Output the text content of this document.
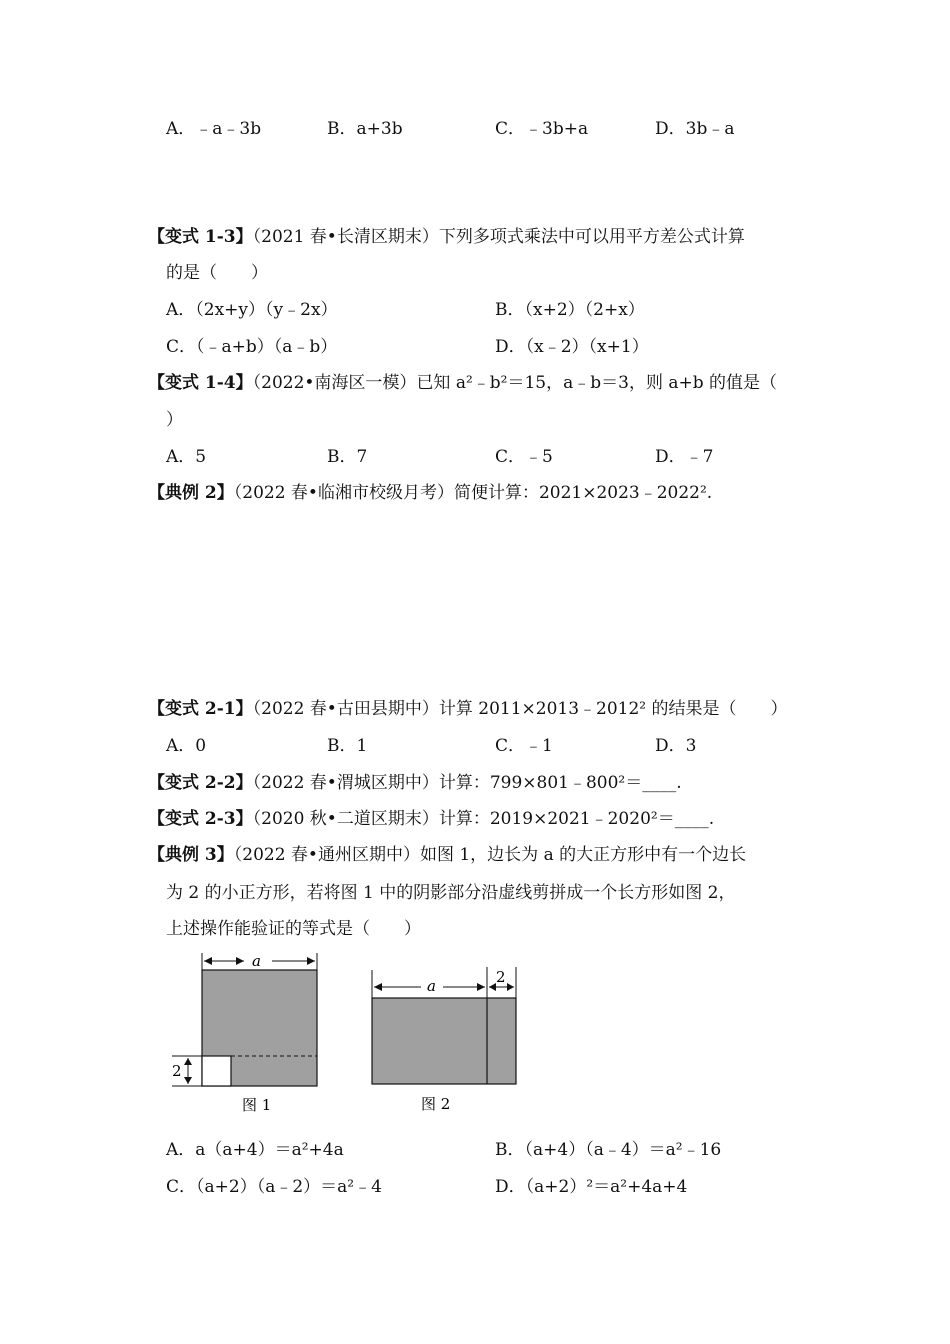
A．﹣a﹣3b	B．a+3b	C．﹣3b+a	D．3b﹣a
【变式 1-3】（2021 春•长清区期末）下列多项式乘法中可以用平方差公式计算
的是（　　）
A．（2x+y）（y﹣2x）	B．（x+2）（2+x）
C．（﹣a+b）（a﹣b）	D．（x﹣2）（x+1）
【变式 1-4】（2022•南海区一模）已知 a²﹣b²＝15，a﹣b＝3，则 a+b 的值是（
）
A．5	B．7	C．﹣5	D．﹣7
【典例 2】（2022 春•临湘市校级月考）简便计算：2021×2023﹣2022².
【变式 2-1】（2022 春•古田县期中）计算 2011×2013﹣2012² 的结果是（　　）
A．0	B．1	C．﹣1	D．3
【变式 2-2】（2022 春•渭城区期中）计算：799×801﹣800²＝____.
【变式 2-3】（2020 秋•二道区期末）计算：2019×2021﹣2020²＝____.
【典例 3】（2022 春•通州区期中）如图 1，边长为 a 的大正方形中有一个边长
为 2 的小正方形，若将图 1 中的阴影部分沿虚线剪拼成一个长方形如图 2，
上述操作能验证的等式是（　　）
a
2
图 1
a	2
图 2
A．a（a+4）＝a²+4a	B．（a+4）（a﹣4）＝a²﹣16
C．（a+2）（a﹣2）＝a²﹣4	D．（a+2）²＝a²+4a+4
